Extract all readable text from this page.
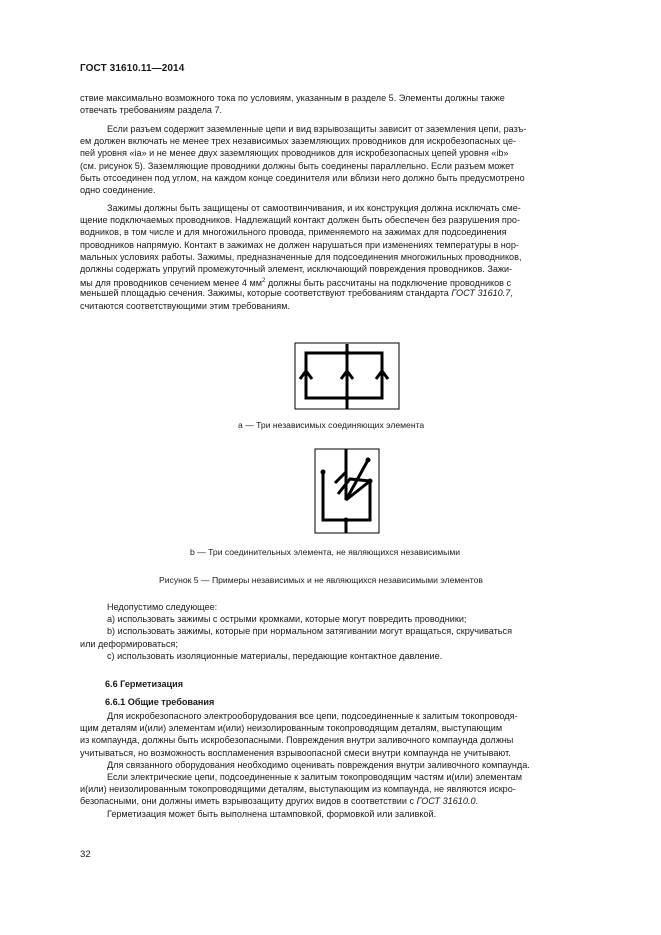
ГОСТ 31610.11—2014
ствие максимально возможного тока по условиям, указанным в разделе 5. Элементы должны также
отвечать требованиям раздела 7.
Если разъем содержит заземленные цепи и вид взрывозащиты зависит от заземления цепи, разъ-
ем должен включать не менее трех независимых заземляющих проводников для искробезопасных це-
пей уровня «ia» и не менее двух заземляющих проводников для искробезопасных цепей уровня «ib»
(см. рисунок 5). Заземляющие проводники должны быть соединены параллельно. Если разъем может
быть отсоединен под углом, на каждом конце соединителя или вблизи него должно быть предусмотрено
одно соединение.
Зажимы должны быть защищены от самоотвинчивания, и их конструкция должна исключать сме-
щение подключаемых проводников. Надлежащий контакт должен быть обеспечен без разрушения про-
водников, в том числе и для многожильного провода, применяемого на зажимах для подсоединения
проводников напрямую. Контакт в зажимах не должен нарушаться при изменениях температуры в нор-
мальных условиях работы. Зажимы, предназначенные для подсоединения многожильных проводников,
должны содержать упругий промежуточный элемент, исключающий повреждения проводников. Зажи-
мы для проводников сечением менее 4 $мм^2$ должны быть рассчитаны на подключение проводников с
меньшей площадью сечения. Зажимы, которые соответствуют требованиям стандарта ГОСТ 31610.7,
считаются соответствующими этим требованиям.
а — Три независимых соединяющих элемента
b — Три соединительных элемента, не являющихся независимыми
Рисунок 5 — Примеры независимых и не являющихся независимыми элементов
Недопустимо следующее:
а) использовать зажимы с острыми кромками, которые могут повредить проводники;
b) использовать зажимы, которые при нормальном затягивании могут вращаться, скручиваться
или деформироваться;
с) использовать изоляционные материалы, передающие контактное давление.
6.6 Герметизация
6.6.1 Общие требования
Для искробезопасного электрооборудования все цепи, подсоединенные к залитым токопроводя-
щим деталям и(или) элементам и(или) неизолированным токопроводящим деталям, выступающим
из компаунда, должны быть искробезопасными. Повреждения внутри заливочного компаунда должны
учитываться, но возможность воспламенения взрывоопасной смеси внутри компаунда не учитывают.
Для связанного оборудования необходимо оценивать повреждения внутри заливочного компаунда.
Если электрические цепи, подсоединенные к залитым токопроводящим частям и(или) элементам
и(или) неизолированным токопроводящими деталям, выступающим из компаунда, не являются искро-
безопасными, они должны иметь взрывозащиту других видов в соответствии с ГОСТ 31610.0.
Герметизация может быть выполнена штамповкой, формовкой или заливкой.
32
